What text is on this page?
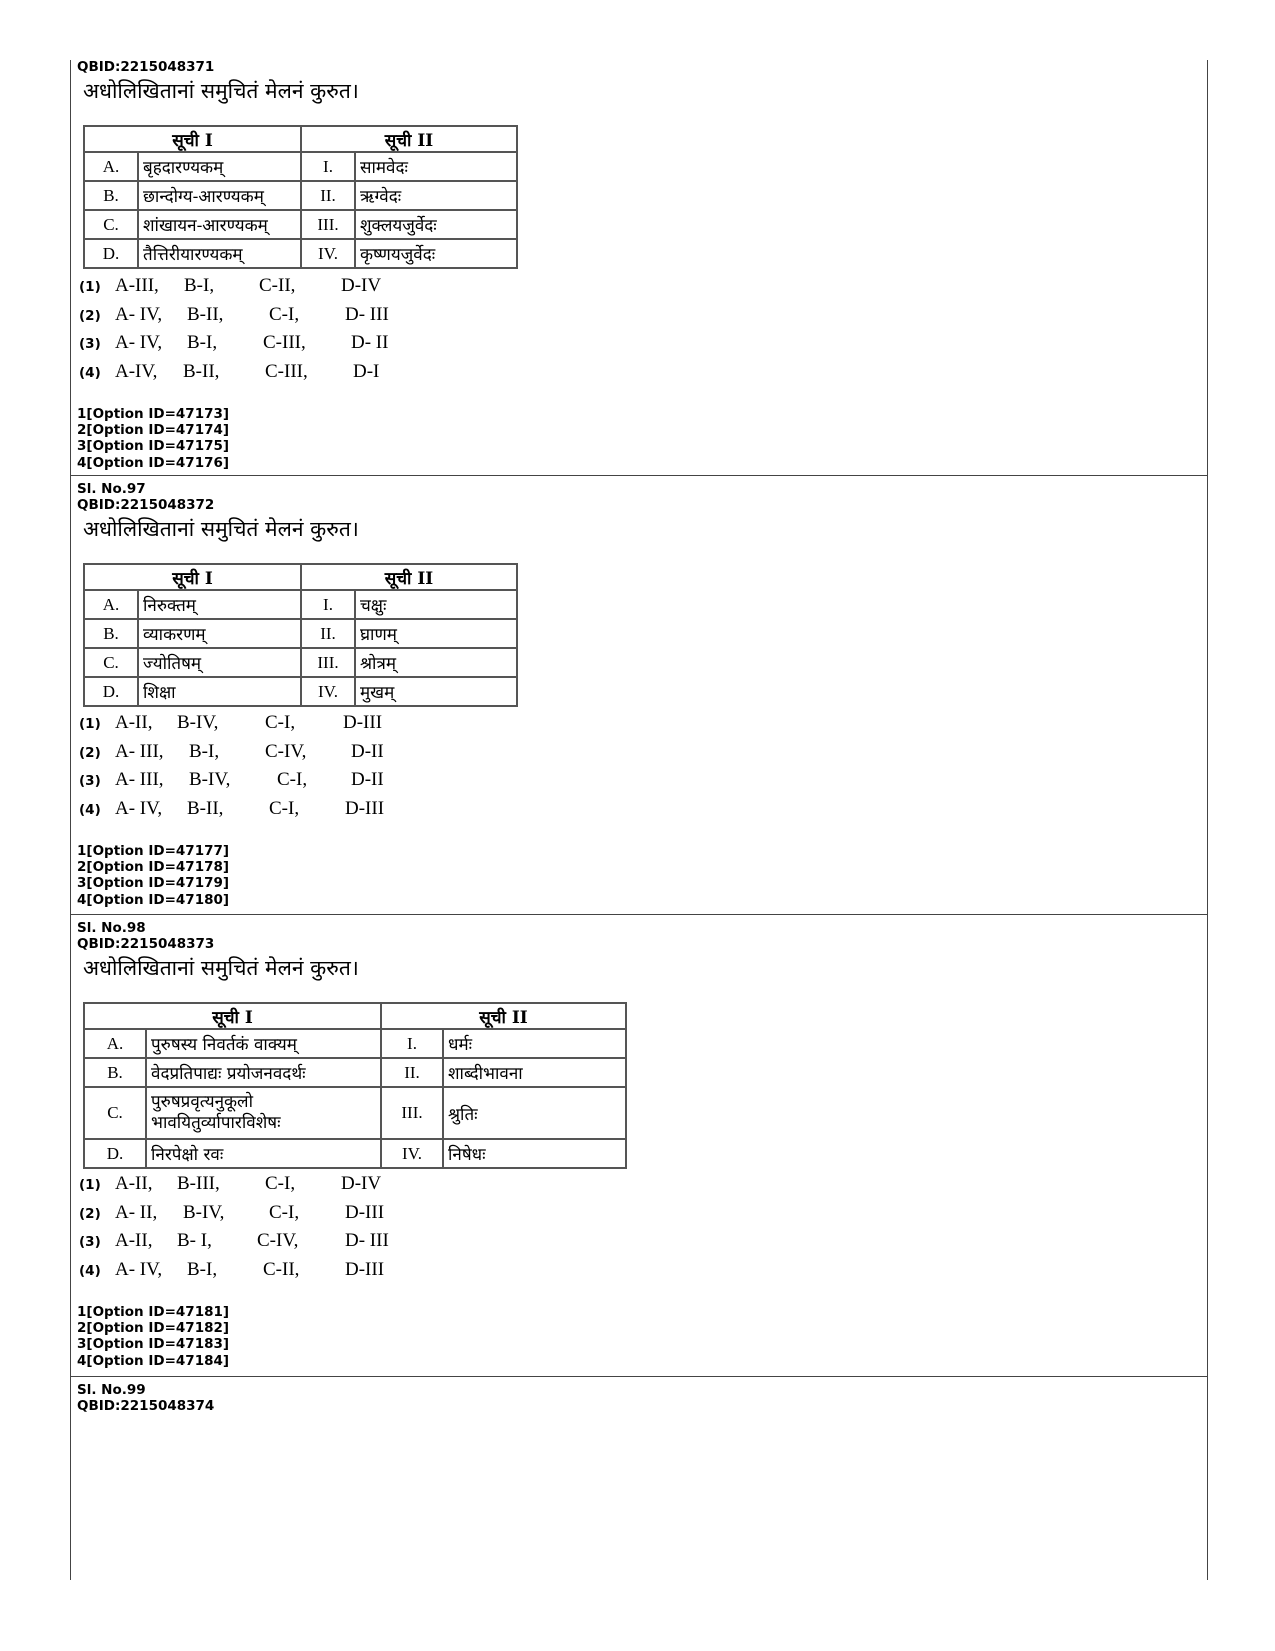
QBID:2215048371
अधोलिखितानां समुचितं मेलनं कुरुत।
सूची I		सूची II	
A.	बृहदारण्यकम्	I.	सामवेदः
B.	छान्दोग्य-आरण्यकम्	II.	ऋग्वेदः
C.	शांखायन-आरण्यकम्	III.	शुक्लयजुर्वेदः
D.	तैत्तिरीयारण्यकम्	IV.	कृष्णयजुर्वेदः
(1) A-III, B-I, C-II, D-IV
(2) A- IV, B-II, C-I, D- III
(3) A- IV, B-I, C-III, D- II
(4) A-IV, B-II, C-III, D-I
1[Option ID=47173]
2[Option ID=47174]
3[Option ID=47175]
4[Option ID=47176]
Sl. No.97
QBID:2215048372
अधोलिखितानां समुचितं मेलनं कुरुत।
सूची I		सूची II	
A.	निरुक्तम्	I.	चक्षुः
B.	व्याकरणम्	II.	घ्राणम्
C.	ज्योतिषम्	III.	श्रोत्रम्
D.	शिक्षा	IV.	मुखम्
(1) A-II, B-IV, C-I,	D-III
(2) A- III, B-I, C-IV, D-II
(3) A- III, B-IV, C-I, D-II
(4) A- IV, B-II, C-I, D-III
1[Option ID=47177]
2[Option ID=47178]
3[Option ID=47179]
4[Option ID=47180]
Sl. No.98
QBID:2215048373
अधोलिखितानां समुचितं मेलनं कुरुत।
सूची I		सूची II	
A.	पुरुषस्य निवर्तकं वाक्यम्	I.	धर्मः
B.	वेदप्रतिपाद्यः प्रयोजनवदर्थः	II.	शाब्दीभावना
C.	पुरुषप्रवृत्यनुकूलो
भावयितुर्व्यापारविशेषः	III.	श्रुतिः
D.	निरपेक्षो रवः	IV.	निषेधः
(1) A-II, B-III, C-I, D-IV
(2) A- II, B-IV, C-I, D-III
(3) A-II, B- I, C-IV, D- III
(4) A- IV, B-I, C-II, D-III
1[Option ID=47181]
2[Option ID=47182]
3[Option ID=47183]
4[Option ID=47184]
Sl. No.99
QBID:2215048374
